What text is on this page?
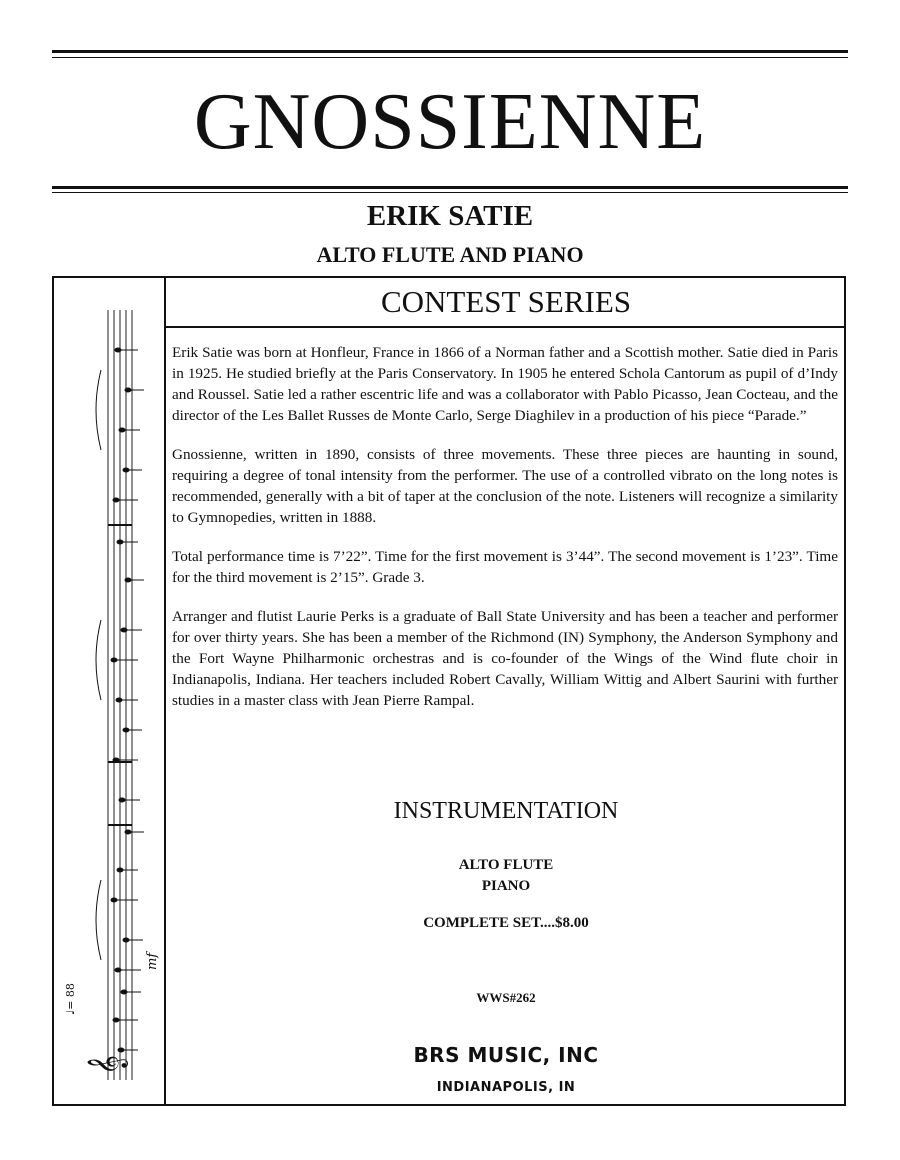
GNOSSIENNE
ERIK SATIE
ALTO FLUTE AND PIANO
𝄞
♩= 88
mf
CONTEST SERIES

Erik Satie was born at Honfleur, France in 1866 of a Norman father and a Scottish mother. Satie died in Paris in 1925. He studied briefly at the Paris Conservatory. In 1905 he entered Schola Cantorum as pupil of d’Indy and Roussel. Satie led a rather escentric life and was a collaborator with Pablo Picasso, Jean Cocteau, and the director of the Les Ballet Russes de Monte Carlo, Serge Diaghilev in a production of his piece “Parade.”

Gnossienne, written in 1890, consists of three movements. These three pieces are haunting in sound, requiring a degree of tonal intensity from the performer. The use of a controlled vibrato on the long notes is recommended, generally with a bit of taper at the conclusion of the note. Listeners will recognize a similarity to Gymnopedies, written in 1888.

Total performance time is 7’22”. Time for the first movement is 3’44”. The second movement is 1’23”. Time for the third movement is 2’15”. Grade 3.

Arranger and flutist Laurie Perks is a graduate of Ball State University and has been a teacher and performer for over thirty years. She has been a member of the Richmond (IN) Symphony, the Anderson Symphony and the Fort Wayne Philharmonic orchestras and is co-founder of the Wings of the Wind flute choir in Indianapolis, Indiana. Her teachers included Robert Cavally, William Wittig and Albert Saurini with further studies in a master class with Jean Pierre Rampal.

INSTRUMENTATION
ALTO FLUTE
PIANO
COMPLETE SET....$8.00
WWS#262
BRS MUSIC, INC
INDIANAPOLIS, IN
